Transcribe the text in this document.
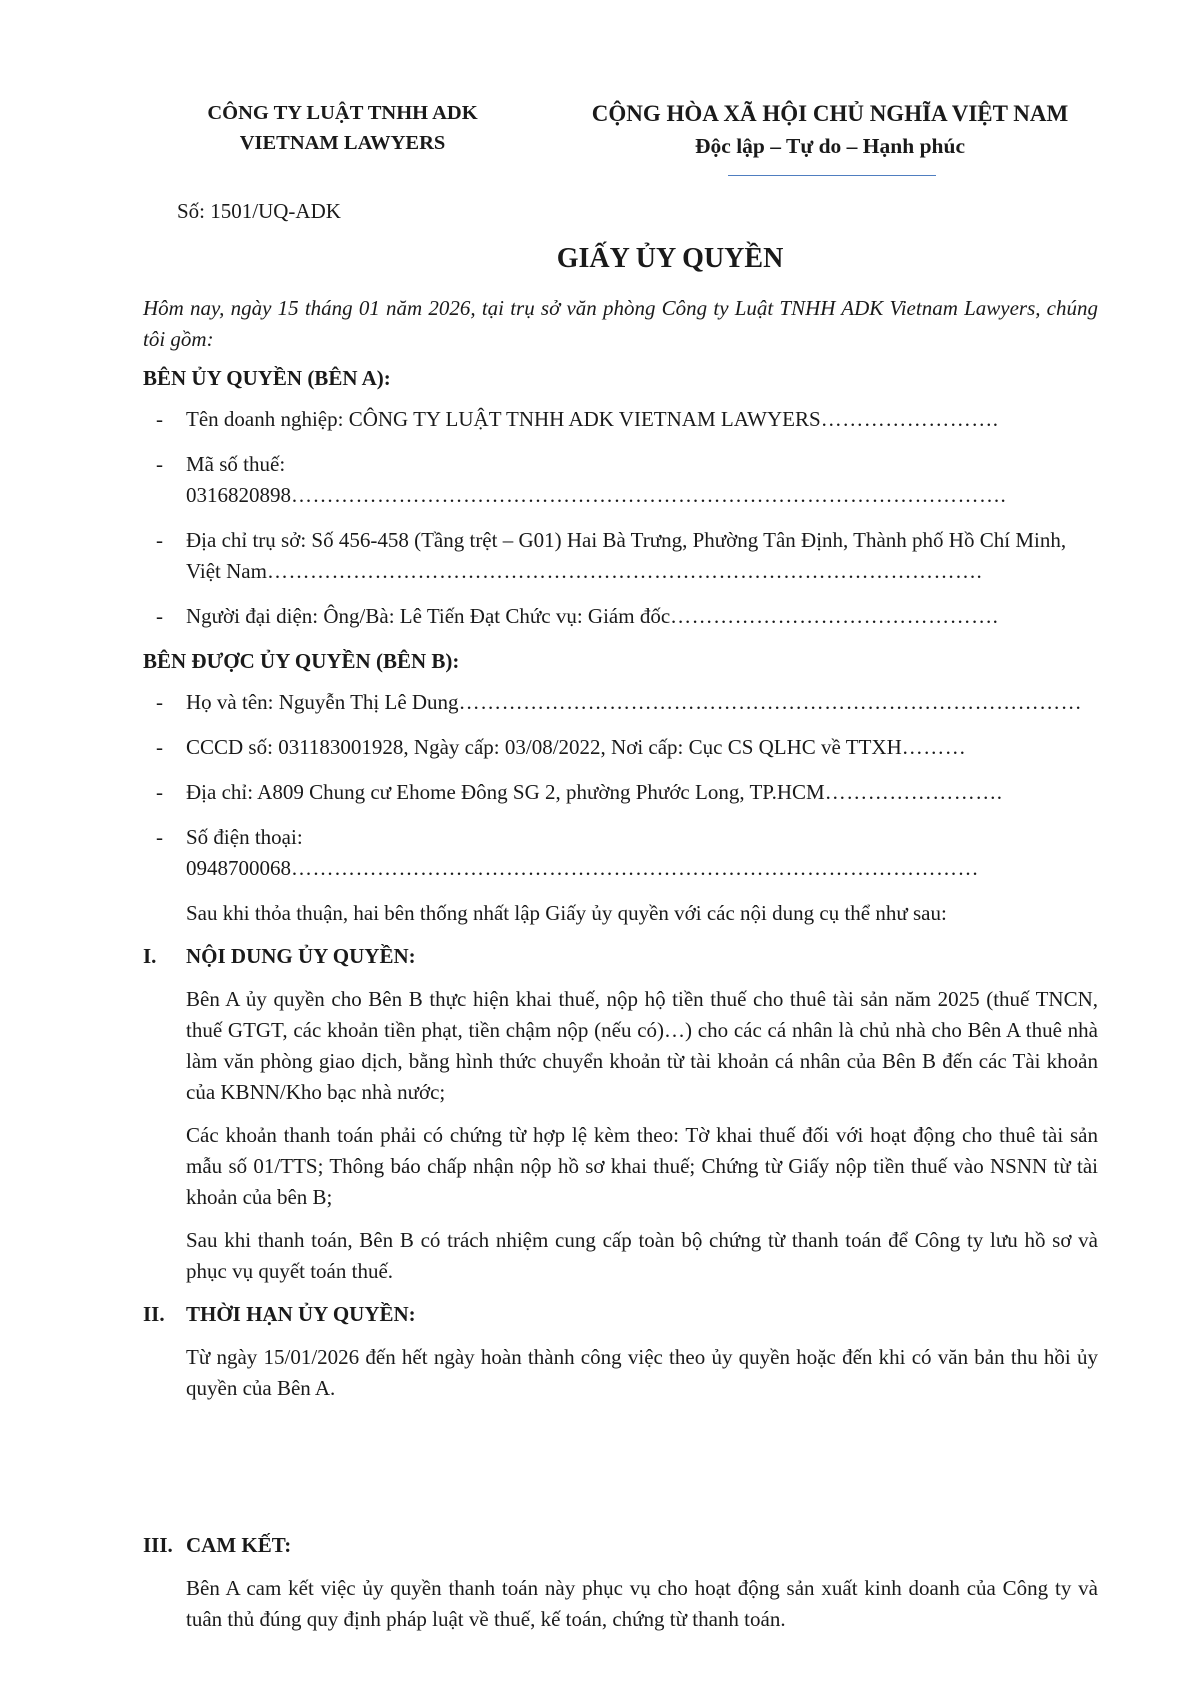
CÔNG TY LUẬT TNHH ADK
VIETNAM LAWYERS
CỘNG HÒA XÃ HỘI CHỦ NGHĨA VIỆT NAM
Độc lập – Tự do – Hạnh phúc
Số: 1501/UQ-ADK
GIẤY ỦY QUYỀN

Hôm nay, ngày 15 tháng 01 năm 2026, tại trụ sở văn phòng Công ty Luật TNHH ADK Vietnam Lawyers, chúng tôi gồm:

BÊN ỦY QUYỀN (BÊN A):
- Tên doanh nghiệp: CÔNG TY LUẬT TNHH ADK VIETNAM LAWYERS…………………….
- Mã số thuế: 0316820898……………………………………………………………………………………….
- Địa chỉ trụ sở: Số 456-458 (Tầng trệt – G01) Hai Bà Trưng, Phường Tân Định, Thành phố Hồ Chí Minh, Việt Nam……………………………………………………………………………………….
- Người đại diện: Ông/Bà: Lê Tiến Đạt Chức vụ: Giám đốc……………………………………….
BÊN ĐƯỢC ỦY QUYỀN (BÊN B):
- Họ và tên: Nguyễn Thị Lê Dung……………………………………………………………………………
- CCCD số: 031183001928, Ngày cấp: 03/08/2022, Nơi cấp: Cục CS QLHC về TTXH………
- Địa chỉ: A809 Chung cư Ehome Đông SG 2, phường Phước Long, TP.HCM…………………….
- Số điện thoại: 0948700068……………………………………………………………………………………

Sau khi thỏa thuận, hai bên thống nhất lập Giấy ủy quyền với các nội dung cụ thể như sau:

I. NỘI DUNG ỦY QUYỀN:

Bên A ủy quyền cho Bên B thực hiện khai thuế, nộp hộ tiền thuế cho thuê tài sản năm 2025 (thuế TNCN, thuế GTGT, các khoản tiền phạt, tiền chậm nộp (nếu có)…) cho các cá nhân là chủ nhà cho Bên A thuê nhà làm văn phòng giao dịch, bằng hình thức chuyển khoản từ tài khoản cá nhân của Bên B đến các Tài khoản của KBNN/Kho bạc nhà nước;

Các khoản thanh toán phải có chứng từ hợp lệ kèm theo: Tờ khai thuế đối với hoạt động cho thuê tài sản mẫu số 01/TTS; Thông báo chấp nhận nộp hồ sơ khai thuế; Chứng từ Giấy nộp tiền thuế vào NSNN từ tài khoản của bên B;

Sau khi thanh toán, Bên B có trách nhiệm cung cấp toàn bộ chứng từ thanh toán để Công ty lưu hồ sơ và phục vụ quyết toán thuế.

II. THỜI HẠN ỦY QUYỀN:

Từ ngày 15/01/2026 đến hết ngày hoàn thành công việc theo ủy quyền hoặc đến khi có văn bản thu hồi ủy quyền của Bên A.

III. CAM KẾT:

Bên A cam kết việc ủy quyền thanh toán này phục vụ cho hoạt động sản xuất kinh doanh của Công ty và tuân thủ đúng quy định pháp luật về thuế, kế toán, chứng từ thanh toán.
